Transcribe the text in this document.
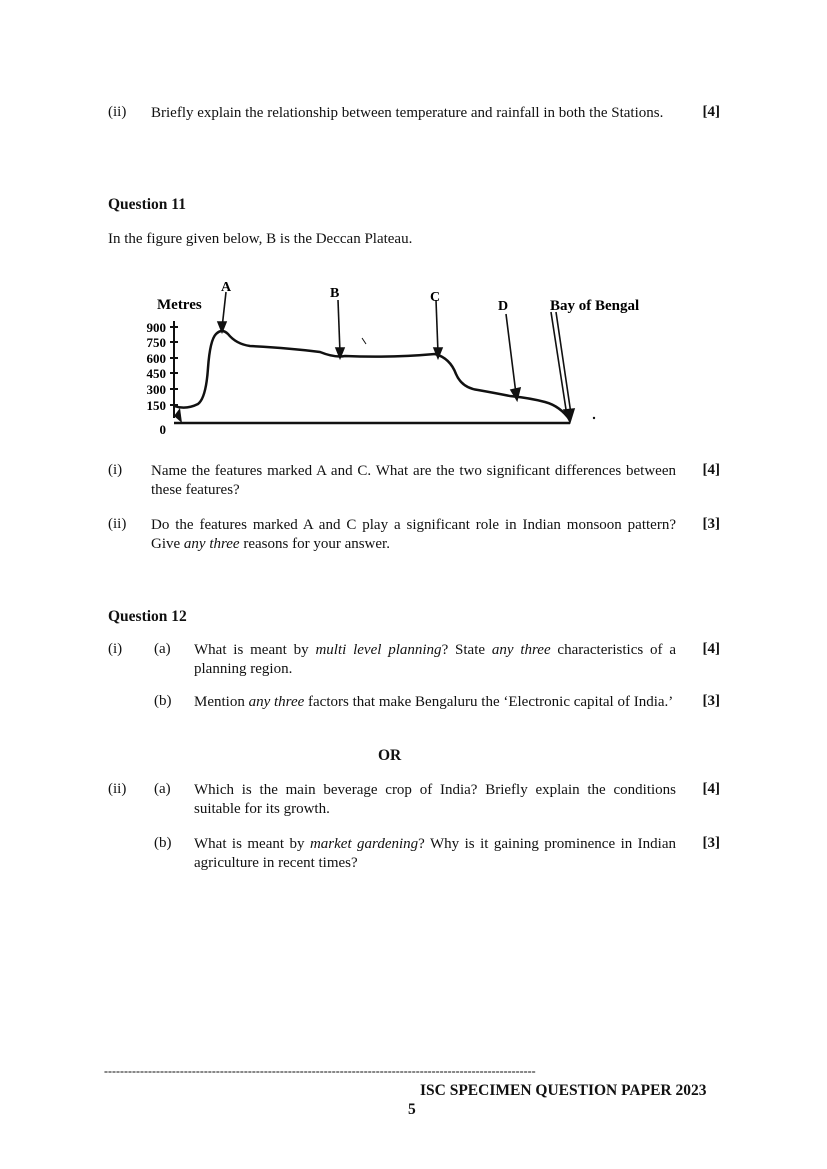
(ii) Briefly explain the relationship between temperature and rainfall in both the Stations.	[4]
Question 11
In the figure given below, B is the Deccan Plateau.
Metres
900
750
600
450
300
150
0
A	B	C
D	Bay of Bengal
(i) Name the features marked A and C. What are the two significant differences between these features?
[4]
(ii) Do the features marked A and C play a significant role in Indian monsoon pattern? Give any three reasons for your answer.
[3]
Question 12
(i) (a) What is meant by multi level planning? State any three characteristics of a planning region.
[4]
(b) Mention any three factors that make Bengaluru the ‘Electronic capital of India.’ [3]
OR
(ii) (a) Which is the main beverage crop of India? Briefly explain the conditions suitable for its growth.
[4]
(b) What is meant by market gardening? Why is it gaining prominence in Indian agriculture in recent times?
[3]
------------------------------------------------------------------------------------------------------------
ISC SPECIMEN QUESTION PAPER 2023
5
